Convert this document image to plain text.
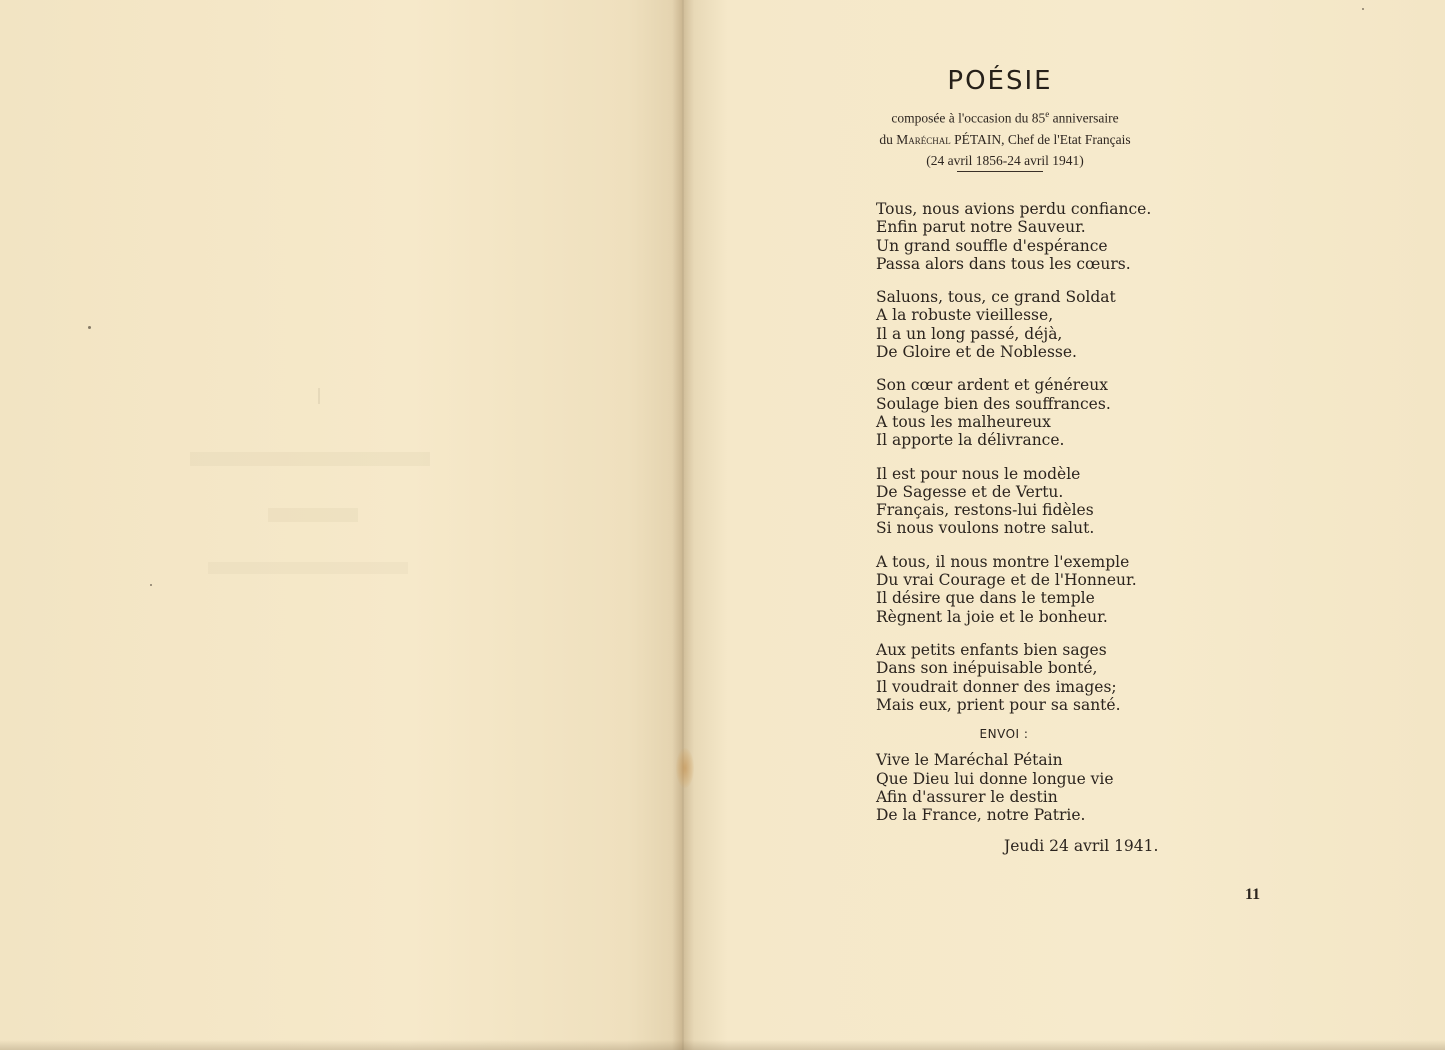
POÉSIE
composée à l'occasion du 85e anniversaire
du Maréchal PÉTAIN, Chef de l'Etat Français
(24 avril 1856-24 avril 1941)
Tous, nous avions perdu confiance.
Enfin parut notre Sauveur.
Un grand souffle d'espérance
Passa alors dans tous les cœurs.
Saluons, tous, ce grand Soldat
A la robuste vieillesse,
Il a un long passé, déjà,
De Gloire et de Noblesse.
Son cœur ardent et généreux
Soulage bien des souffrances.
A tous les malheureux
Il apporte la délivrance.
Il est pour nous le modèle
De Sagesse et de Vertu.
Français, restons-lui fidèles
Si nous voulons notre salut.
A tous, il nous montre l'exemple
Du vrai Courage et de l'Honneur.
Il désire que dans le temple
Règnent la joie et le bonheur.
Aux petits enfants bien sages
Dans son inépuisable bonté,
Il voudrait donner des images;
Mais eux, prient pour sa santé.
ENVOI :
Vive le Maréchal Pétain
Que Dieu lui donne longue vie
Afin d'assurer le destin
De la France, notre Patrie.
Jeudi 24 avril 1941.
11
